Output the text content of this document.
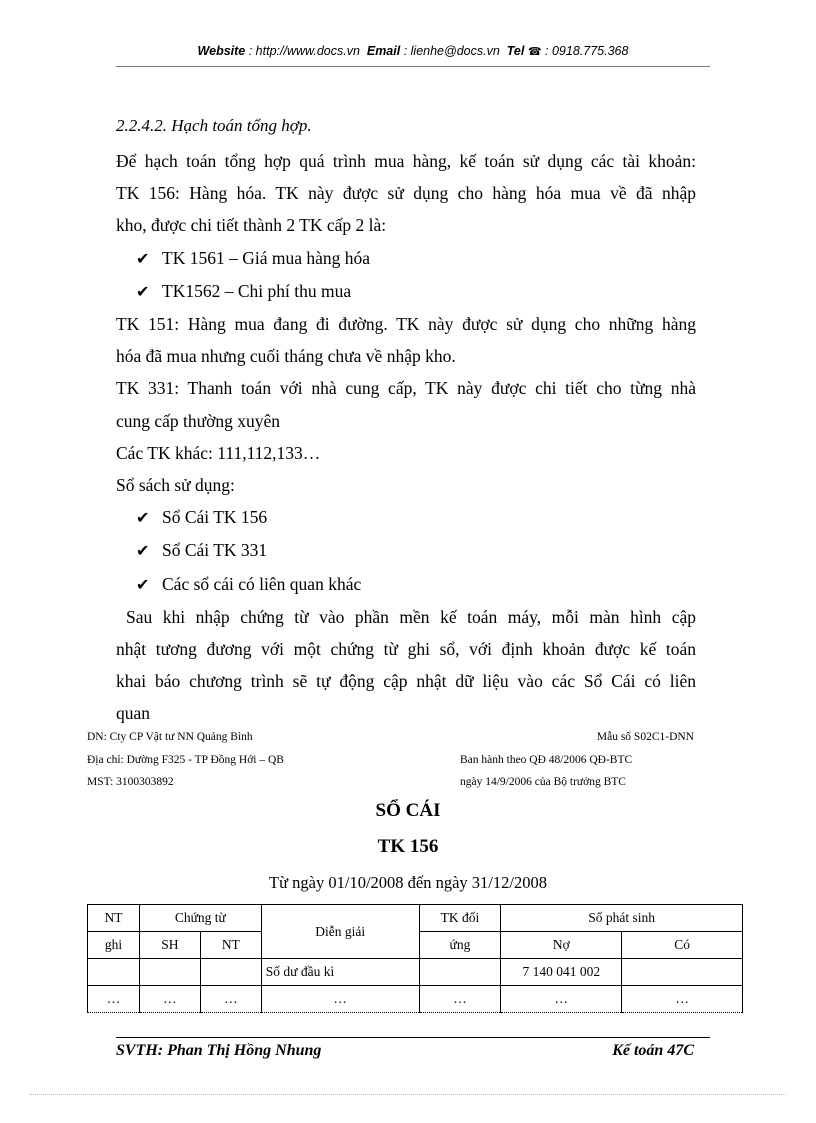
Website : http://www.docs.vn Email : lienhe@docs.vn Tel ☎ : 0918.775.368
2.2.4.2. Hạch toán tổng hợp.

Để hạch toán tổng hợp quá trình mua hàng, kế toán sử dụng các tài khoản:

TK 156: Hàng hóa. TK này được sử dụng cho hàng hóa mua về đã nhập

kho, được chi tiết thành 2 TK cấp 2 là:

✔ TK 1561 – Giá mua hàng hóa

✔ TK1562 – Chi phí thu mua

TK 151: Hàng mua đang đi đường. TK này được sử dụng cho những hàng

hóa đã mua nhưng cuối tháng chưa về nhập kho.

TK 331: Thanh toán với nhà cung cấp, TK này được chi tiết cho từng nhà

cung cấp thường xuyên

Các TK khác: 111,112,133…

Sổ sách sử dụng:

✔ Sổ Cái TK 156

✔ Sổ Cái TK 331

✔ Các sổ cái có liên quan khác

Sau khi nhập chứng từ vào phần mền kế toán máy, mỗi màn hình cập

nhật tương đương với một chứng từ ghi sổ, với định khoản được kế toán

khai báo chương trình sẽ tự động cập nhật dữ liệu vào các Sổ Cái có liên

quan

DN: Cty CP Vật tư NN Quảng Bình
Địa chỉ: Dường F325 - TP Đồng Hới – QB
MST: 3100303892
Mẫu số S02C1-DNN
Ban hành theo QĐ 48/2006 QĐ-BTC
ngày 14/9/2006 của Bộ trưởng BTC
SỔ CÁI
TK 156
Từ ngày 01/10/2008 đến ngày 31/12/2008
NT	Chứng từ		Diễn giải	TK đối	Số phát sinh	
ghi	SH	NT		ứng	Nợ	Có
			Số dư đầu kì		7 140 041 002	
…	…	…	…	…	…	…
SVTH: Phan Thị Hồng Nhung	Kế toán 47C
